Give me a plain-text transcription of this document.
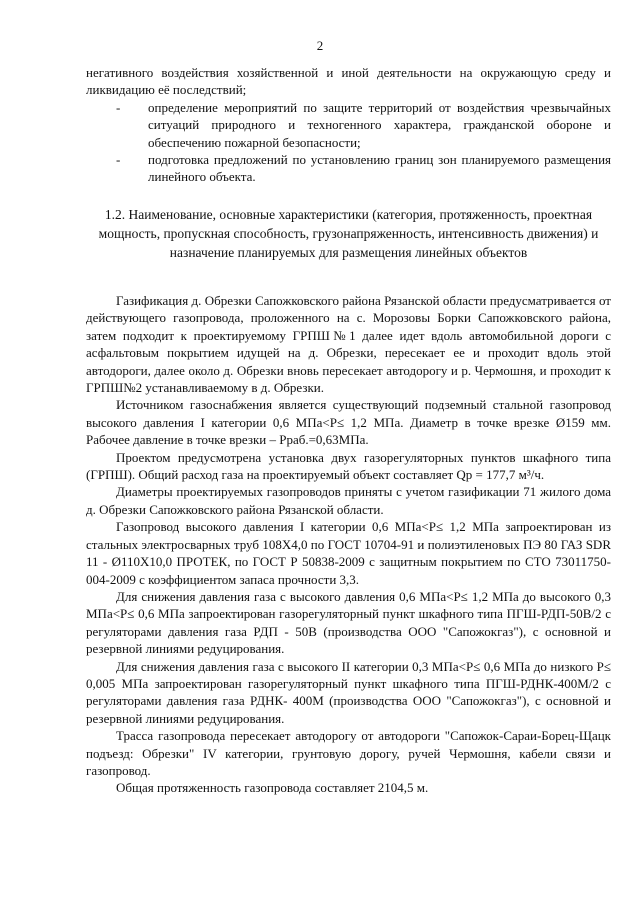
2

негативного воздействия хозяйственной и иной деятельности на окружающую среду и ликвидацию её последствий;

-	определение мероприятий по защите территорий от воздействия чрезвычайных ситуаций природного и техногенного характера, гражданской обороне и обеспечению пожарной безопасности;
-	подготовка предложений по установлению границ зон планируемого размещения линейного объекта.
1.2. Наименование, основные характеристики (категория, протяженность, проектная мощность, пропускная способность, грузонапряженность, интенсивность движения) и назначение планируемых для размещения линейных объектов

Газификация д. Обрезки Сапожковского района Рязанской области предусматривается от действующего газопровода, проложенного на с. Морозовы Борки Сапожковского района, затем подходит к проектируемому ГРПШ№1 далее идет вдоль автомобильной дороги с асфальтовым покрытием идущей на д. Обрезки, пересекает ее и проходит вдоль этой автодороги, далее около д. Обрезки вновь пересекает автодорогу и р. Чермошня, и проходит к ГРПШ№2 устанавливаемому в д. Обрезки.

Источником газоснабжения является существующий подземный стальной газопровод высокого давления I категории 0,6 МПа<Р≤ 1,2 МПа. Диаметр в точке врезке Ø159 мм. Рабочее давление в точке врезки – Рраб.=0,63МПа.

Проектом предусмотрена установка двух газорегуляторных пунктов шкафного типа (ГРПШ). Общий расход газа на проектируемый объект составляет Qр = 177,7 м³/ч.

Диаметры проектируемых газопроводов приняты с учетом газификации 71 жилого дома д. Обрезки Сапожковского района Рязанской области.

Газопровод высокого давления I категории 0,6 МПа<Р≤ 1,2 МПа запроектирован из стальных электросварных труб 108Х4,0 по ГОСТ 10704-91 и полиэтиленовых ПЭ 80 ГАЗ SDR 11 - Ø110Х10,0 ПРОТЕК, по ГОСТ Р 50838-2009 с защитным покрытием по СТО 73011750-004-2009 с коэффициентом запаса прочности 3,3.

Для снижения давления газа с высокого давления 0,6 МПа<Р≤ 1,2 МПа до высокого 0,3 МПа<Р≤ 0,6 МПа запроектирован газорегуляторный пункт шкафного типа ПГШ-РДП-50В/2 с регуляторами давления газа РДП - 50В (производства ООО "Сапожокгаз"), с основной и резервной линиями редуцирования.

Для снижения давления газа с высокого II категории 0,3 МПа<Р≤ 0,6 МПа до низкого Р≤ 0,005 МПа запроектирован газорегуляторный пункт шкафного типа ПГШ-РДНК-400М/2 с регуляторами давления газа РДНК- 400М (производства ООО "Сапожокгаз"), с основной и резервной линиями редуцирования.

Трасса газопровода пересекает автодорогу от автодороги "Сапожок-Сараи-Борец-Щацк подъезд: Обрезки" IV категории, грунтовую дорогу, ручей Чермошня, кабели связи и газопровод.

Общая протяженность газопровода составляет 2104,5 м.
